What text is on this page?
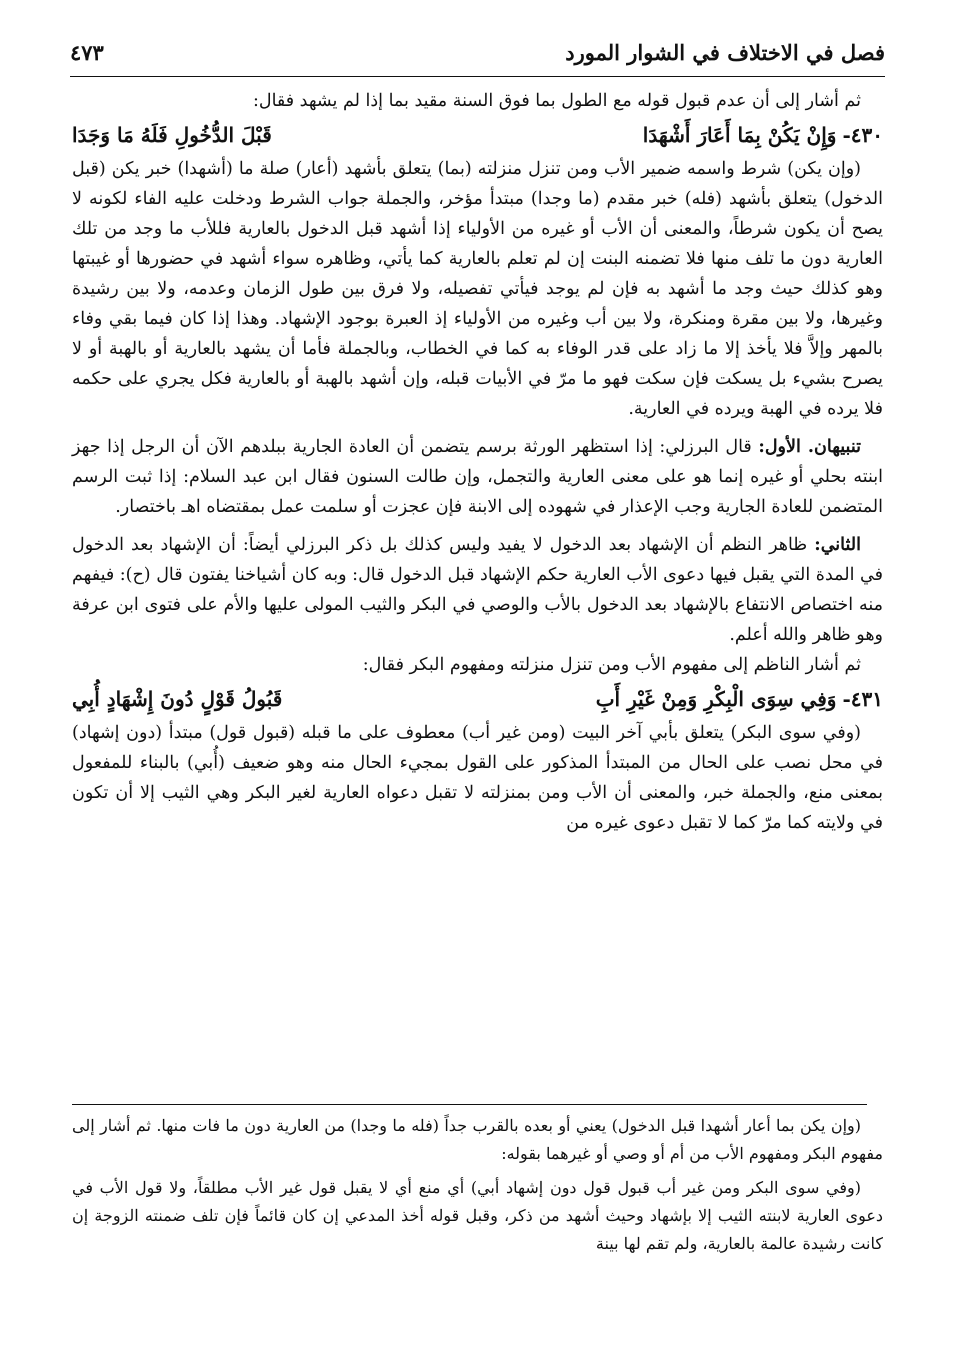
فصل في الاختلاف في الشوار المورد
٤٧٣

ثم أشار إلى أن عدم قبول قوله مع الطول بما فوق السنة مقيد بما إذا لم يشهد فقال:

٤٣٠-وَإِنْ يَكُنْ بِمَا أَعَارَ أَشْهَدَا
قَبْلَ الدُّخُولِ فَلَهُ مَا وَجَدَا

(وإن يكن) شرط واسمه ضمير الأب ومن تنزل منزلته (بما) يتعلق بأشهد (أعار) صلة ما (أشهدا) خبر يكن (قبل الدخول) يتعلق بأشهد (فله) خبر مقدم (ما وجدا) مبتدأ مؤخر، والجملة جواب الشرط ودخلت عليه الفاء لكونه لا يصح أن يكون شرطاً، والمعنى أن الأب أو غيره من الأولياء إذا أشهد قبل الدخول بالعارية فللأب ما وجد من تلك العارية دون ما تلف منها فلا تضمنه البنت إن لم تعلم بالعارية كما يأتي، وظاهره سواء أشهد في حضورها أو غيبتها وهو كذلك حيث وجد ما أشهد به فإن لم يوجد فيأتي تفصيله، ولا فرق بين طول الزمان وعدمه، ولا بين رشيدة وغيرها، ولا بين مقرة ومنكرة، ولا بين أب وغيره من الأولياء إذ العبرة بوجود الإشهاد. وهذا إذا كان فيما بقي وفاء بالمهر وإلاَّ فلا يأخذ إلا ما زاد على قدر الوفاء به كما في الخطاب، وبالجملة فأما أن يشهد بالعارية أو بالهبة أو لا يصرح بشيء بل يسكت فإن سكت فهو ما مرّ في الأبيات قبله، وإن أشهد بالهبة أو بالعارية فكل يجري على حكمه فلا يرده في الهبة ويرده في العارية.

تنبيهان. الأول: قال البرزلي: إذا استظهر الورثة برسم يتضمن أن العادة الجارية ببلدهم الآن أن الرجل إذا جهز ابنته بحلي أو غيره إنما هو على معنى العارية والتجمل، وإن طالت السنون فقال ابن عبد السلام: إذا ثبت الرسم المتضمن للعادة الجارية وجب الإعذار في شهوده إلى الابنة فإن عجزت أو سلمت عمل بمقتضاه اهـ باختصار.

الثاني: ظاهر النظم أن الإشهاد بعد الدخول لا يفيد وليس كذلك بل ذكر البرزلي أيضاً: أن الإشهاد بعد الدخول في المدة التي يقبل فيها دعوى الأب العارية حكم الإشهاد قبل الدخول قال: وبه كان أشياخنا يفتون قال (ح): فيفهم منه اختصاص الانتفاع بالإشهاد بعد الدخول بالأب والوصي في البكر والثيب المولى عليها والأم على فتوى ابن عرفة وهو ظاهر والله أعلم.

ثم أشار الناظم إلى مفهوم الأب ومن تنزل منزلته ومفهوم البكر فقال:

٤٣١-وَفِي سِوَى الْبِكْرِ وَمِنْ غَيْرِ أَبِ
قَبُولُ قَوْلٍ دُونَ إِشْهَادٍ أُبِي

(وفي سوى البكر) يتعلق بأبي آخر البيت (ومن غير أب) معطوف على ما قبله (قبول قول) مبتدأ (دون إشهاد) في محل نصب على الحال من المبتدأ المذكور على القول بمجيء الحال منه وهو ضعيف (أُبي) بالبناء للمفعول بمعنى منع، والجملة خبر، والمعنى أن الأب ومن بمنزلته لا تقبل دعواه العارية لغير البكر وهي الثيب إلا أن تكون في ولايته كما مرّ كما لا تقبل دعوى غيره من

(وإن يكن بما أعار أشهدا قبل الدخول) يعني أو بعده بالقرب جداً (فله ما وجدا) من العارية دون ما فات منها. ثم أشار إلى مفهوم البكر ومفهوم الأب من أم أو وصي أو غيرهما بقوله:

(وفي سوى البكر ومن غير أب قبول قول دون إشهاد أبي) أي منع أي لا يقبل قول غير الأب مطلقاً، ولا قول الأب في دعوى العارية لابنته الثيب إلا بإشهاد وحيث أشهد من ذكر، وقبل قوله أخذ المدعي إن كان قائماً فإن تلف ضمنته الزوجة إن كانت رشيدة عالمة بالعارية، ولم تقم لها بينة
